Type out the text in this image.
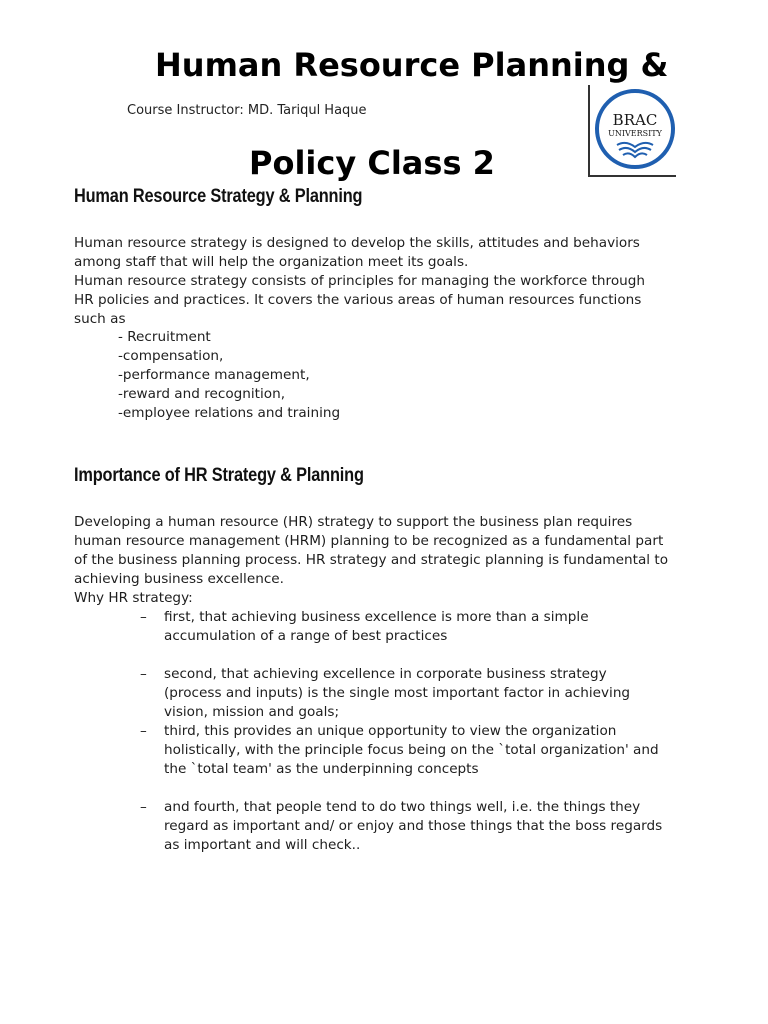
Human Resource Planning &
Course Instructor: MD. Tariqul Haque
Policy Class 2
BRAC
UNIVERSITY
Human Resource Strategy & Planning
Human resource strategy is designed to develop the skills, attitudes and behaviors
among staff that will help the organization meet its goals.
Human resource strategy consists of principles for managing the workforce through
HR policies and practices. It covers the various areas of human resources functions
such as
- Recruitment
-compensation,
-performance management,
-reward and recognition,
-employee relations and training
Importance of HR Strategy & Planning
Developing a human resource (HR) strategy to support the business plan requires
human resource management (HRM) planning to be recognized as a fundamental part
of the business planning process. HR strategy and strategic planning is fundamental to
achieving business excellence.
Why HR strategy:
– first, that achieving business excellence is more than a simple
accumulation of a range of best practices
– second, that achieving excellence in corporate business strategy
(process and inputs) is the single most important factor in achieving
vision, mission and goals;
– third, this provides an unique opportunity to view the organization
holistically, with the principle focus being on the `total organization' and
the `total team' as the underpinning concepts
– and fourth, that people tend to do two things well, i.e. the things they
regard as important and/ or enjoy and those things that the boss regards
as important and will check..
